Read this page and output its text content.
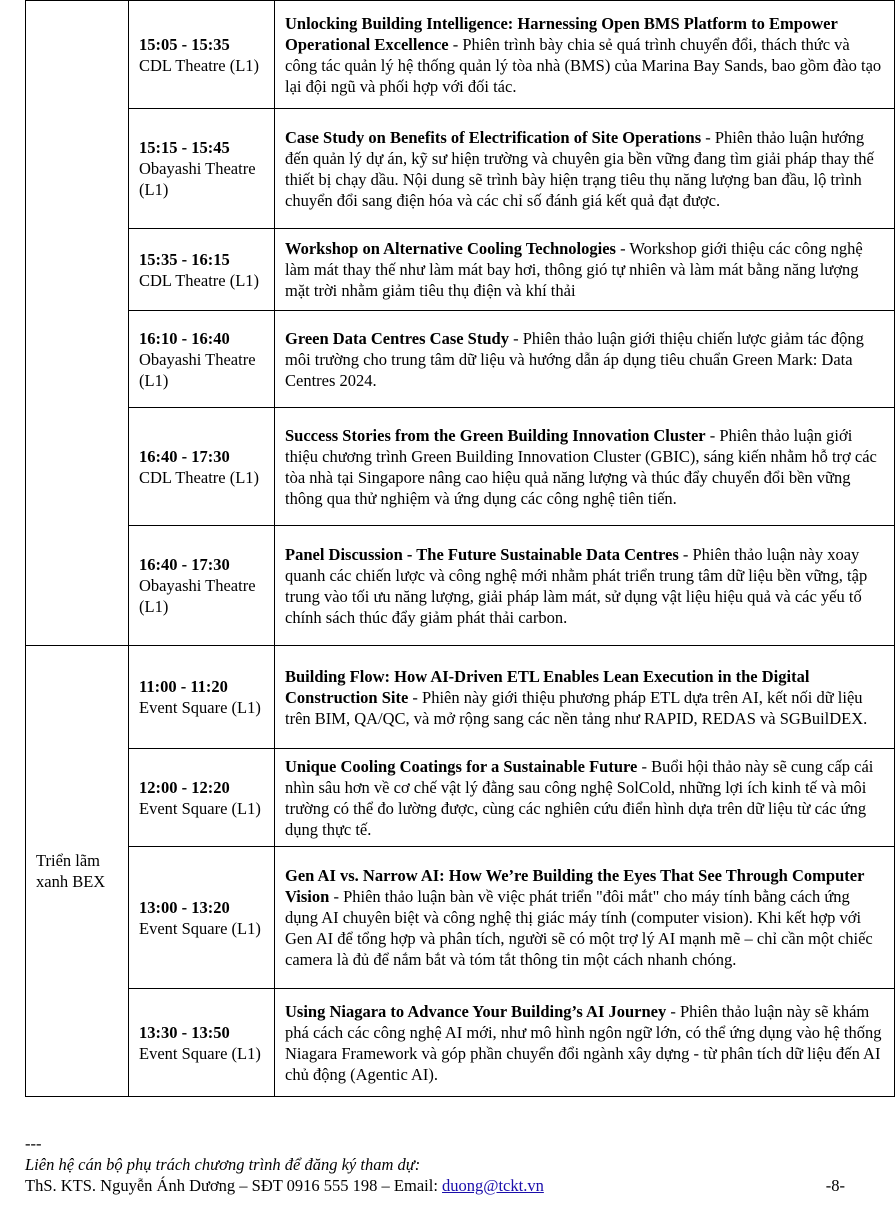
	15:05 - 15:35
CDL Theatre (L1)	Unlocking Building Intelligence: Harnessing Open BMS Platform to Empower Operational Excellence - Phiên trình bày chia sẻ quá trình chuyển đổi, thách thức và công tác quản lý hệ thống quản lý tòa nhà (BMS) của Marina Bay Sands, bao gồm đào tạo lại đội ngũ và phối hợp với đối tác.

	15:15 - 15:45
Obayashi Theatre (L1)	Case Study on Benefits of Electrification of Site Operations - Phiên thảo luận hướng đến quản lý dự án, kỹ sư hiện trường và chuyên gia bền vững đang tìm giải pháp thay thế thiết bị chạy dầu. Nội dung sẽ trình bày hiện trạng tiêu thụ năng lượng ban đầu, lộ trình chuyển đổi sang điện hóa và các chỉ số đánh giá kết quả đạt được.

	15:35 - 16:15
CDL Theatre (L1)	Workshop on Alternative Cooling Technologies - Workshop giới thiệu các công nghệ làm mát thay thế như làm mát bay hơi, thông gió tự nhiên và làm mát bằng năng lượng mặt trời nhằm giảm tiêu thụ điện và khí thải

	16:10 - 16:40
Obayashi Theatre (L1)	Green Data Centres Case Study - Phiên thảo luận giới thiệu chiến lược giảm tác động môi trường cho trung tâm dữ liệu và hướng dẫn áp dụng tiêu chuẩn Green Mark: Data Centres 2024.

	16:40 - 17:30
CDL Theatre (L1)	Success Stories from the Green Building Innovation Cluster - Phiên thảo luận giới thiệu chương trình Green Building Innovation Cluster (GBIC), sáng kiến nhằm hỗ trợ các tòa nhà tại Singapore nâng cao hiệu quả năng lượng và thúc đẩy chuyển đổi bền vững thông qua thử nghiệm và ứng dụng các công nghệ tiên tiến.

	16:40 - 17:30
Obayashi Theatre (L1)	Panel Discussion - The Future Sustainable Data Centres - Phiên thảo luận này xoay quanh các chiến lược và công nghệ mới nhằm phát triển trung tâm dữ liệu bền vững, tập trung vào tối ưu năng lượng, giải pháp làm mát, sử dụng vật liệu hiệu quả và các yếu tố chính sách thúc đẩy giảm phát thải carbon.
Triển lãm xanh BEX	11:00 - 11:20
Event Square (L1)	Building Flow: How AI-Driven ETL Enables Lean Execution in the Digital Construction Site - Phiên này giới thiệu phương pháp ETL dựa trên AI, kết nối dữ liệu trên BIM, QA/QC, và mở rộng sang các nền tảng như RAPID, REDAS và SGBuilDEX.

	12:00 - 12:20
Event Square (L1)	Unique Cooling Coatings for a Sustainable Future - Buổi hội thảo này sẽ cung cấp cái nhìn sâu hơn về cơ chế vật lý đằng sau công nghệ SolCold, những lợi ích kinh tế và môi trường có thể đo lường được, cùng các nghiên cứu điển hình dựa trên dữ liệu từ các ứng dụng thực tế.

	13:00 - 13:20
Event Square (L1)	Gen AI vs. Narrow AI: How We’re Building the Eyes That See Through Computer Vision - Phiên thảo luận bàn về việc phát triển "đôi mắt" cho máy tính bằng cách ứng dụng AI chuyên biệt và công nghệ thị giác máy tính (computer vision). Khi kết hợp với Gen AI để tổng hợp và phân tích, người sẽ có một trợ lý AI mạnh mẽ – chỉ cần một chiếc camera là đủ để nắm bắt và tóm tắt thông tin một cách nhanh chóng.

	13:30 - 13:50
Event Square (L1)	Using Niagara to Advance Your Building’s AI Journey - Phiên thảo luận này sẽ khám phá cách các công nghệ AI mới, như mô hình ngôn ngữ lớn, có thể ứng dụng vào hệ thống Niagara Framework và góp phần chuyển đổi ngành xây dựng - từ phân tích dữ liệu đến AI chủ động (Agentic AI).
---
Liên hệ cán bộ phụ trách chương trình để đăng ký tham dự:
ThS. KTS. Nguyễn Ánh Dương – SĐT 0916 555 198 – Email: duong@tckt.vn	-8-
